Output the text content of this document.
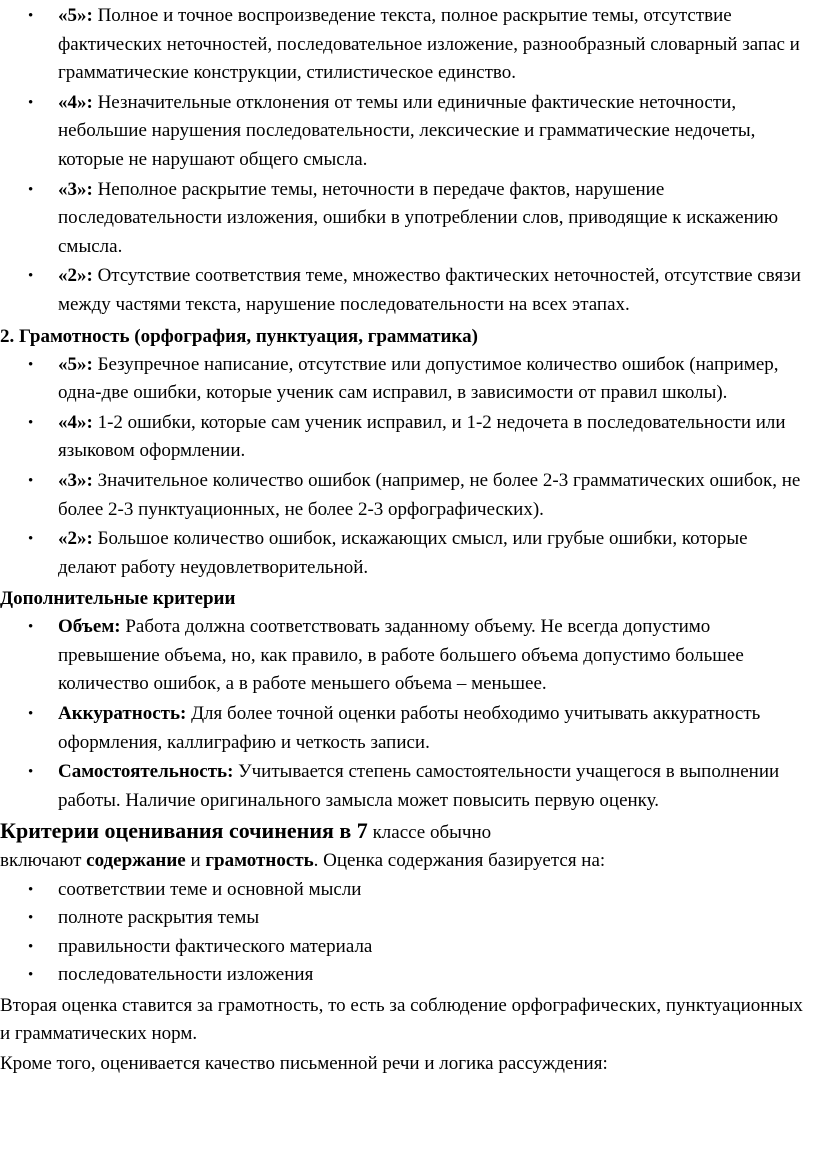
• «5»: Полное и точное воспроизведение текста, полное раскрытие темы, отсутствие фактических неточностей, последовательное изложение, разнообразный словарный запас и грамматические конструкции, стилистическое единство.
• «4»: Незначительные отклонения от темы или единичные фактические неточности, небольшие нарушения последовательности, лексические и грамматические недочеты, которые не нарушают общего смысла.
• «3»: Неполное раскрытие темы, неточности в передаче фактов, нарушение последовательности изложения, ошибки в употреблении слов, приводящие к искажению смысла.
• «2»: Отсутствие соответствия теме, множество фактических неточностей, отсутствие связи между частями текста, нарушение последовательности на всех этапах.
2. Грамотность (орфография, пунктуация, грамматика)
• «5»: Безупречное написание, отсутствие или допустимое количество ошибок (например, одна-две ошибки, которые ученик сам исправил, в зависимости от правил школы).
• «4»: 1-2 ошибки, которые сам ученик исправил, и 1-2 недочета в последовательности или языковом оформлении.
• «3»: Значительное количество ошибок (например, не более 2-3 грамматических ошибок, не более 2-3 пунктуационных, не более 2-3 орфографических).
• «2»: Большое количество ошибок, искажающих смысл, или грубые ошибки, которые делают работу неудовлетворительной.
Дополнительные критерии
• Объем: Работа должна соответствовать заданному объему. Не всегда допустимо превышение объема, но, как правило, в работе большего объема допустимо большее количество ошибок, а в работе меньшего объема – меньшее.
• Аккуратность: Для более точной оценки работы необходимо учитывать аккуратность оформления, каллиграфию и четкость записи.
• Самостоятельность: Учитывается степень самостоятельности учащегося в выполнении работы. Наличие оригинального замысла может повысить первую оценку.
Критерии оценивания сочинения в 7 классе обычно

включают содержание и грамотность. Оценка содержания базируется на:

• соответствии теме и основной мысли
• полноте раскрытия темы
• правильности фактического материала
• последовательности изложения

Вторая оценка ставится за грамотность, то есть за соблюдение орфографических, пунктуационных и грамматических норм.

Кроме того, оценивается качество письменной речи и логика рассуждения:
